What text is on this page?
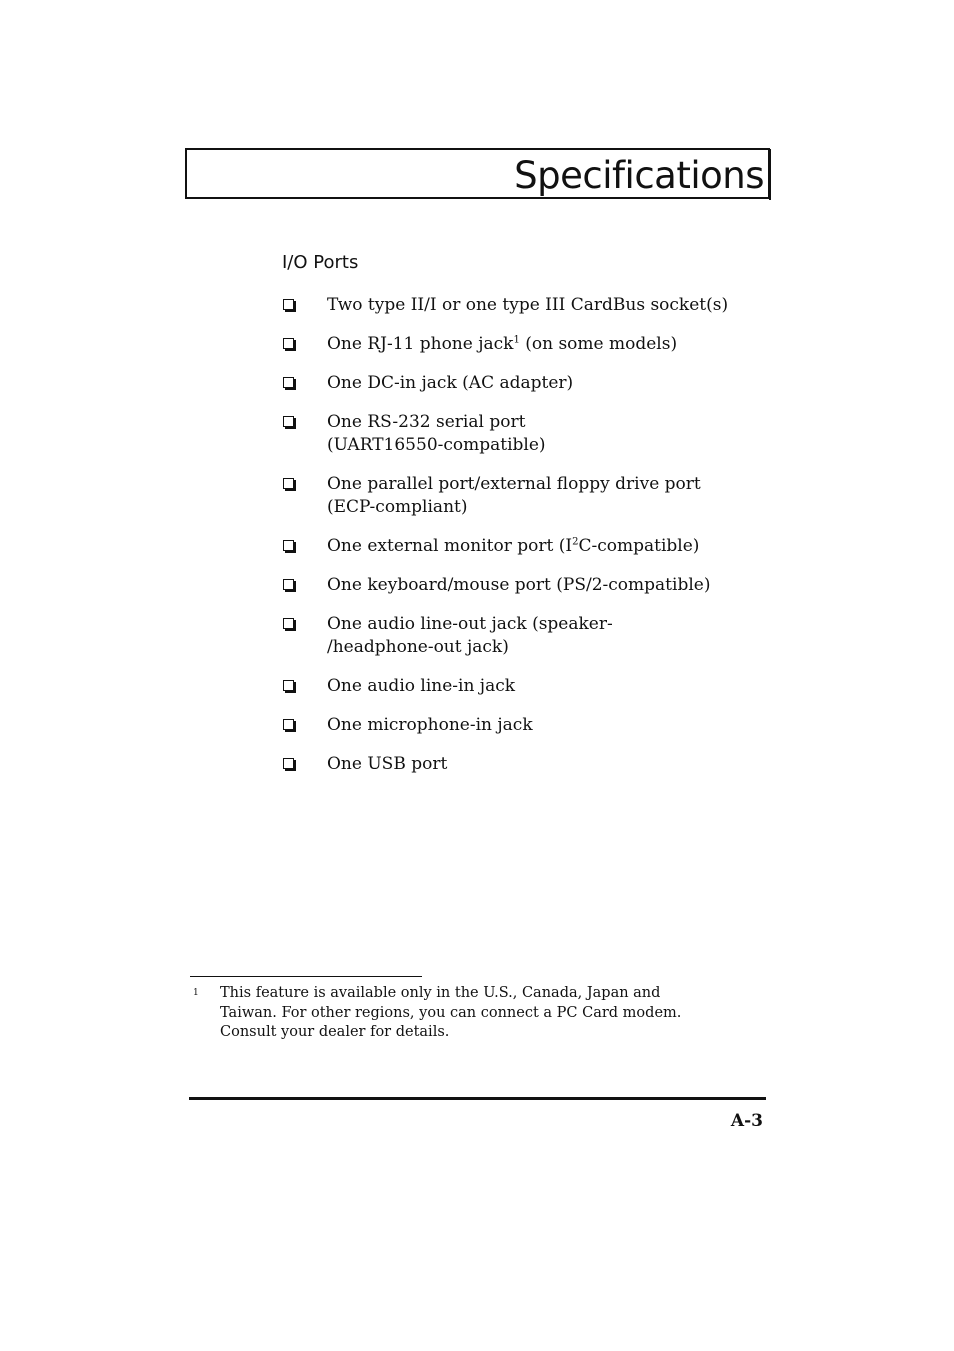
Specifications
I/O Ports
Two type II/I or one type III CardBus socket(s)
One RJ-11 phone jack$^1$ (on some models)
One DC-in jack (AC adapter)
One RS-232 serial port
(UART16550-compatible)
One parallel port/external floppy drive port
(ECP-compliant)
One external monitor port $(I^2C-compatible)$
One keyboard/mouse port (PS/2-compatible)
One audio line-out jack (speaker-
/headphone-out jack)
One audio line-in jack
One microphone-in jack
One USB port
1 This feature is available only in the U.S., Canada, Japan and
Taiwan. For other regions, you can connect a PC Card modem.
Consult your dealer for details.
A-3
